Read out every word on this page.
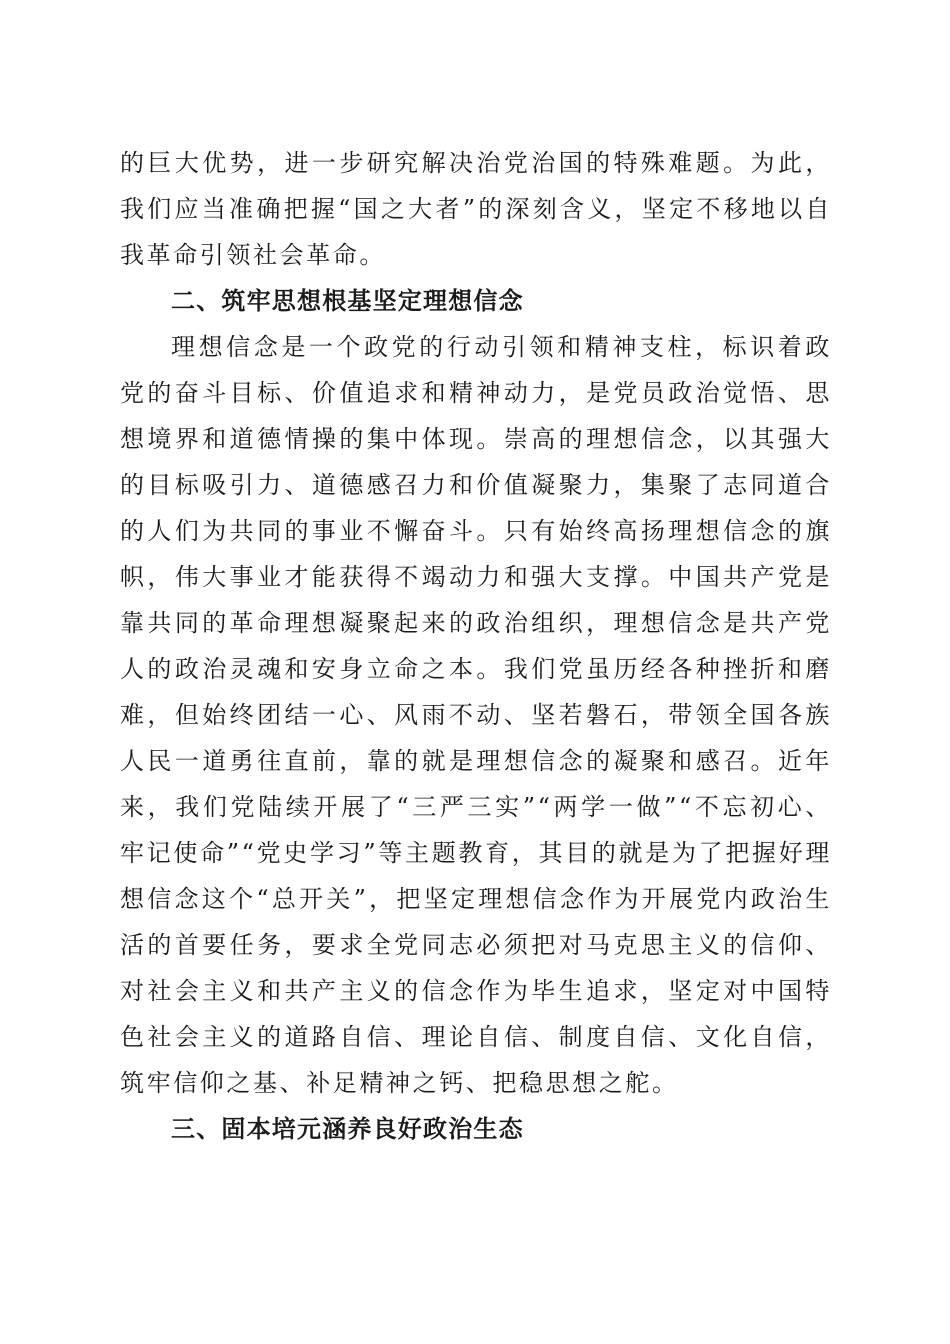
的巨大优势，进一步研究解决治党治国的特殊难题。为此，我们应当准确把握“国之大者”的深刻含义，坚定不移地以自我革命引领社会革命。

二、筑牢思想根基坚定理想信念

理想信念是一个政党的行动引领和精神支柱，标识着政党的奋斗目标、价值追求和精神动力，是党员政治觉悟、思想境界和道德情操的集中体现。崇高的理想信念，以其强大的目标吸引力、道德感召力和价值凝聚力，集聚了志同道合的人们为共同的事业不懈奋斗。只有始终高扬理想信念的旗帜，伟大事业才能获得不竭动力和强大支撑。中国共产党是靠共同的革命理想凝聚起来的政治组织，理想信念是共产党人的政治灵魂和安身立命之本。我们党虽历经各种挫折和磨难，但始终团结一心、风雨不动、坚若磐石，带领全国各族人民一道勇往直前，靠的就是理想信念的凝聚和感召。近年来，我们党陆续开展了“三严三实”“两学一做”“不忘初心、牢记使命”“党史学习”等主题教育，其目的就是为了把握好理想信念这个“总开关”，把坚定理想信念作为开展党内政治生活的首要任务，要求全党同志必须把对马克思主义的信仰、对社会主义和共产主义的信念作为毕生追求，坚定对中国特色社会主义的道路自信、理论自信、制度自信、文化自信，筑牢信仰之基、补足精神之钙、把稳思想之舵。

三、固本培元涵养良好政治生态
